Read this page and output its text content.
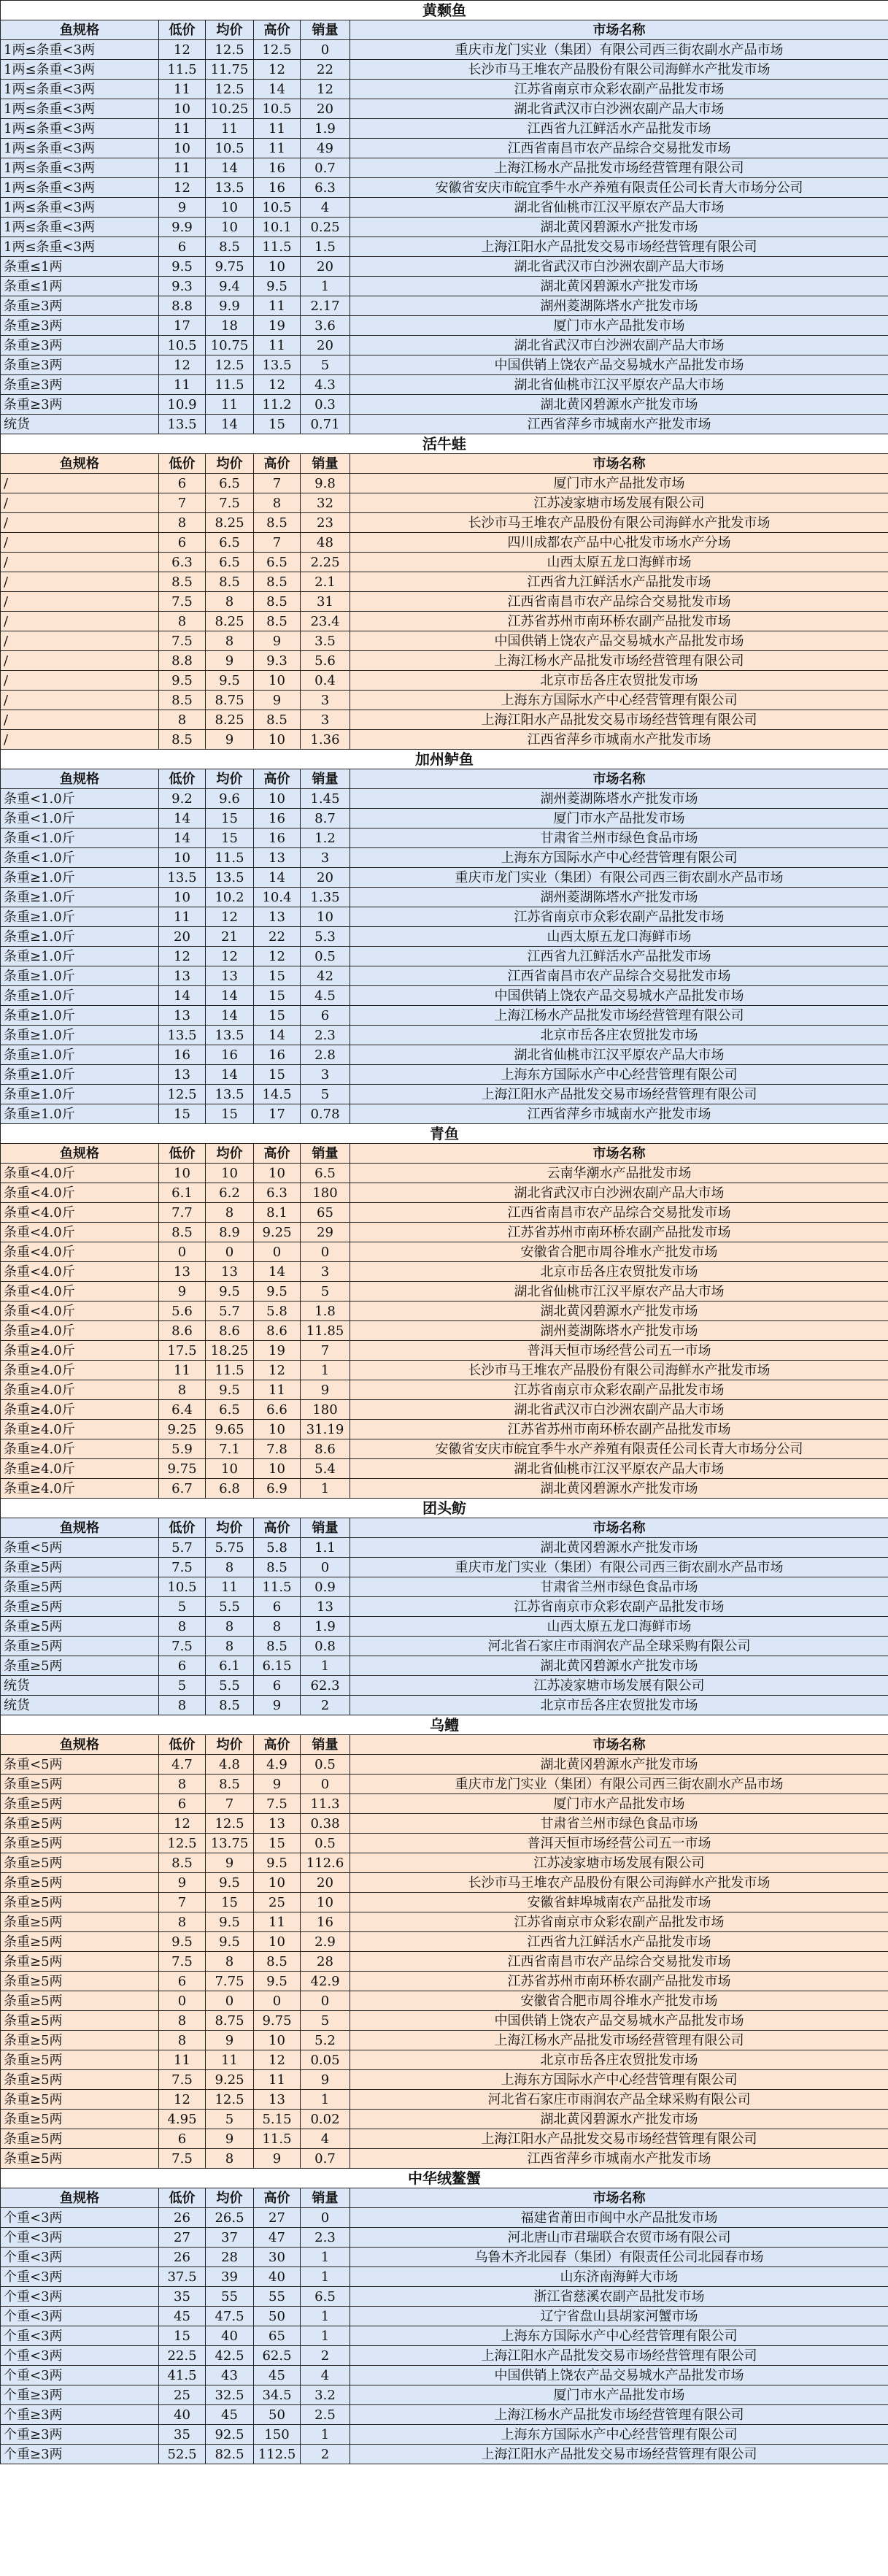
黄颡鱼					
鱼规格	低价	均价	高价	销量	市场名称
1两≤条重<3两	12	12.5	12.5	0	重庆市龙门实业（集团）有限公司西三街农副水产品市场
1两≤条重<3两	11.5	11.75	12	22	长沙市马王堆农产品股份有限公司海鲜水产批发市场
1两≤条重<3两	11	12.5	14	12	江苏省南京市众彩农副产品批发市场
1两≤条重<3两	10	10.25	10.5	20	湖北省武汉市白沙洲农副产品大市场
1两≤条重<3两	11	11	11	1.9	江西省九江鲜活水产品批发市场
1两≤条重<3两	10	10.5	11	49	江西省南昌市农产品综合交易批发市场
1两≤条重<3两	11	14	16	0.7	上海江杨水产品批发市场经营管理有限公司
1两≤条重<3两	12	13.5	16	6.3	安徽省安庆市皖宜季牛水产养殖有限责任公司长青大市场分公司
1两≤条重<3两	9	10	10.5	4	湖北省仙桃市江汉平原农产品大市场
1两≤条重<3两	9.9	10	10.1	0.25	湖北黄冈碧源水产批发市场
1两≤条重<3两	6	8.5	11.5	1.5	上海江阳水产品批发交易市场经营管理有限公司
条重≤1两	9.5	9.75	10	20	湖北省武汉市白沙洲农副产品大市场
条重≤1两	9.3	9.4	9.5	1	湖北黄冈碧源水产批发市场
条重≥3两	8.8	9.9	11	2.17	湖州菱湖陈塔水产批发市场
条重≥3两	17	18	19	3.6	厦门市水产品批发市场
条重≥3两	10.5	10.75	11	20	湖北省武汉市白沙洲农副产品大市场
条重≥3两	12	12.5	13.5	5	中国供销上饶农产品交易城水产品批发市场
条重≥3两	11	11.5	12	4.3	湖北省仙桃市江汉平原农产品大市场
条重≥3两	10.9	11	11.2	0.3	湖北黄冈碧源水产批发市场
统货	13.5	14	15	0.71	江西省萍乡市城南水产批发市场
活牛蛙					
鱼规格	低价	均价	高价	销量	市场名称
/	6	6.5	7	9.8	厦门市水产品批发市场
/	7	7.5	8	32	江苏凌家塘市场发展有限公司
/	8	8.25	8.5	23	长沙市马王堆农产品股份有限公司海鲜水产批发市场
/	6	6.5	7	48	四川成都农产品中心批发市场水产分场
/	6.3	6.5	6.5	2.25	山西太原五龙口海鲜市场
/	8.5	8.5	8.5	2.1	江西省九江鲜活水产品批发市场
/	7.5	8	8.5	31	江西省南昌市农产品综合交易批发市场
/	8	8.25	8.5	23.4	江苏省苏州市南环桥农副产品批发市场
/	7.5	8	9	3.5	中国供销上饶农产品交易城水产品批发市场
/	8.8	9	9.3	5.6	上海江杨水产品批发市场经营管理有限公司
/	9.5	9.5	10	0.4	北京市岳各庄农贸批发市场
/	8.5	8.75	9	3	上海东方国际水产中心经营管理有限公司
/	8	8.25	8.5	3	上海江阳水产品批发交易市场经营管理有限公司
/	8.5	9	10	1.36	江西省萍乡市城南水产批发市场
加州鲈鱼					
鱼规格	低价	均价	高价	销量	市场名称
条重<1.0斤	9.2	9.6	10	1.45	湖州菱湖陈塔水产批发市场
条重<1.0斤	14	15	16	8.7	厦门市水产品批发市场
条重<1.0斤	14	15	16	1.2	甘肃省兰州市绿色食品市场
条重<1.0斤	10	11.5	13	3	上海东方国际水产中心经营管理有限公司
条重≥1.0斤	13.5	13.5	14	20	重庆市龙门实业（集团）有限公司西三街农副水产品市场
条重≥1.0斤	10	10.2	10.4	1.35	湖州菱湖陈塔水产批发市场
条重≥1.0斤	11	12	13	10	江苏省南京市众彩农副产品批发市场
条重≥1.0斤	20	21	22	5.3	山西太原五龙口海鲜市场
条重≥1.0斤	12	12	12	0.5	江西省九江鲜活水产品批发市场
条重≥1.0斤	13	13	15	42	江西省南昌市农产品综合交易批发市场
条重≥1.0斤	14	14	15	4.5	中国供销上饶农产品交易城水产品批发市场
条重≥1.0斤	13	14	15	6	上海江杨水产品批发市场经营管理有限公司
条重≥1.0斤	13.5	13.5	14	2.3	北京市岳各庄农贸批发市场
条重≥1.0斤	16	16	16	2.8	湖北省仙桃市江汉平原农产品大市场
条重≥1.0斤	13	14	15	3	上海东方国际水产中心经营管理有限公司
条重≥1.0斤	12.5	13.5	14.5	5	上海江阳水产品批发交易市场经营管理有限公司
条重≥1.0斤	15	15	17	0.78	江西省萍乡市城南水产批发市场
青鱼					
鱼规格	低价	均价	高价	销量	市场名称
条重<4.0斤	10	10	10	6.5	云南华潮水产品批发市场
条重<4.0斤	6.1	6.2	6.3	180	湖北省武汉市白沙洲农副产品大市场
条重<4.0斤	7.7	8	8.1	65	江西省南昌市农产品综合交易批发市场
条重<4.0斤	8.5	8.9	9.25	29	江苏省苏州市南环桥农副产品批发市场
条重<4.0斤	0	0	0	0	安徽省合肥市周谷堆水产批发市场
条重<4.0斤	13	13	14	3	北京市岳各庄农贸批发市场
条重<4.0斤	9	9.5	9.5	5	湖北省仙桃市江汉平原农产品大市场
条重<4.0斤	5.6	5.7	5.8	1.8	湖北黄冈碧源水产批发市场
条重≥4.0斤	8.6	8.6	8.6	11.85	湖州菱湖陈塔水产批发市场
条重≥4.0斤	17.5	18.25	19	7	普洱天恒市场经营公司五一市场
条重≥4.0斤	11	11.5	12	1	长沙市马王堆农产品股份有限公司海鲜水产批发市场
条重≥4.0斤	8	9.5	11	9	江苏省南京市众彩农副产品批发市场
条重≥4.0斤	6.4	6.5	6.6	180	湖北省武汉市白沙洲农副产品大市场
条重≥4.0斤	9.25	9.65	10	31.19	江苏省苏州市南环桥农副产品批发市场
条重≥4.0斤	5.9	7.1	7.8	8.6	安徽省安庆市皖宜季牛水产养殖有限责任公司长青大市场分公司
条重≥4.0斤	9.75	10	10	5.4	湖北省仙桃市江汉平原农产品大市场
条重≥4.0斤	6.7	6.8	6.9	1	湖北黄冈碧源水产批发市场
团头鲂					
鱼规格	低价	均价	高价	销量	市场名称
条重<5两	5.7	5.75	5.8	1.1	湖北黄冈碧源水产批发市场
条重≥5两	7.5	8	8.5	0	重庆市龙门实业（集团）有限公司西三街农副水产品市场
条重≥5两	10.5	11	11.5	0.9	甘肃省兰州市绿色食品市场
条重≥5两	5	5.5	6	13	江苏省南京市众彩农副产品批发市场
条重≥5两	8	8	8	1.9	山西太原五龙口海鲜市场
条重≥5两	7.5	8	8.5	0.8	河北省石家庄市雨润农产品全球采购有限公司
条重≥5两	6	6.1	6.15	1	湖北黄冈碧源水产批发市场
统货	5	5.5	6	62.3	江苏凌家塘市场发展有限公司
统货	8	8.5	9	2	北京市岳各庄农贸批发市场
乌鳢					
鱼规格	低价	均价	高价	销量	市场名称
条重<5两	4.7	4.8	4.9	0.5	湖北黄冈碧源水产批发市场
条重≥5两	8	8.5	9	0	重庆市龙门实业（集团）有限公司西三街农副水产品市场
条重≥5两	6	7	7.5	11.3	厦门市水产品批发市场
条重≥5两	12	12.5	13	0.38	甘肃省兰州市绿色食品市场
条重≥5两	12.5	13.75	15	0.5	普洱天恒市场经营公司五一市场
条重≥5两	8.5	9	9.5	112.6	江苏凌家塘市场发展有限公司
条重≥5两	9	9.5	10	20	长沙市马王堆农产品股份有限公司海鲜水产批发市场
条重≥5两	7	15	25	10	安徽省蚌埠城南农产品批发市场
条重≥5两	8	9.5	11	16	江苏省南京市众彩农副产品批发市场
条重≥5两	9.5	9.5	10	2.9	江西省九江鲜活水产品批发市场
条重≥5两	7.5	8	8.5	28	江西省南昌市农产品综合交易批发市场
条重≥5两	6	7.75	9.5	42.9	江苏省苏州市南环桥农副产品批发市场
条重≥5两	0	0	0	0	安徽省合肥市周谷堆水产批发市场
条重≥5两	8	8.75	9.75	5	中国供销上饶农产品交易城水产品批发市场
条重≥5两	8	9	10	5.2	上海江杨水产品批发市场经营管理有限公司
条重≥5两	11	11	12	0.05	北京市岳各庄农贸批发市场
条重≥5两	7.5	9.25	11	9	上海东方国际水产中心经营管理有限公司
条重≥5两	12	12.5	13	1	河北省石家庄市雨润农产品全球采购有限公司
条重≥5两	4.95	5	5.15	0.02	湖北黄冈碧源水产批发市场
条重≥5两	6	9	11.5	4	上海江阳水产品批发交易市场经营管理有限公司
条重≥5两	7.5	8	9	0.7	江西省萍乡市城南水产批发市场
中华绒鳌蟹					
鱼规格	低价	均价	高价	销量	市场名称
个重<3两	26	26.5	27	0	福建省莆田市闽中水产品批发市场
个重<3两	27	37	47	2.3	河北唐山市君瑞联合农贸市场有限公司
个重<3两	26	28	30	1	乌鲁木齐北园春（集团）有限责任公司北园春市场
个重<3两	37.5	39	40	1	山东济南海鲜大市场
个重<3两	35	55	55	6.5	浙江省慈溪农副产品批发市场
个重<3两	45	47.5	50	1	辽宁省盘山县胡家河蟹市场
个重<3两	15	40	65	1	上海东方国际水产中心经营管理有限公司
个重<3两	22.5	42.5	62.5	2	上海江阳水产品批发交易市场经营管理有限公司
个重<3两	41.5	43	45	4	中国供销上饶农产品交易城水产品批发市场
个重≥3两	25	32.5	34.5	3.2	厦门市水产品批发市场
个重≥3两	40	45	50	2.5	上海江杨水产品批发市场经营管理有限公司
个重≥3两	35	92.5	150	1	上海东方国际水产中心经营管理有限公司
个重≥3两	52.5	82.5	112.5	2	上海江阳水产品批发交易市场经营管理有限公司
